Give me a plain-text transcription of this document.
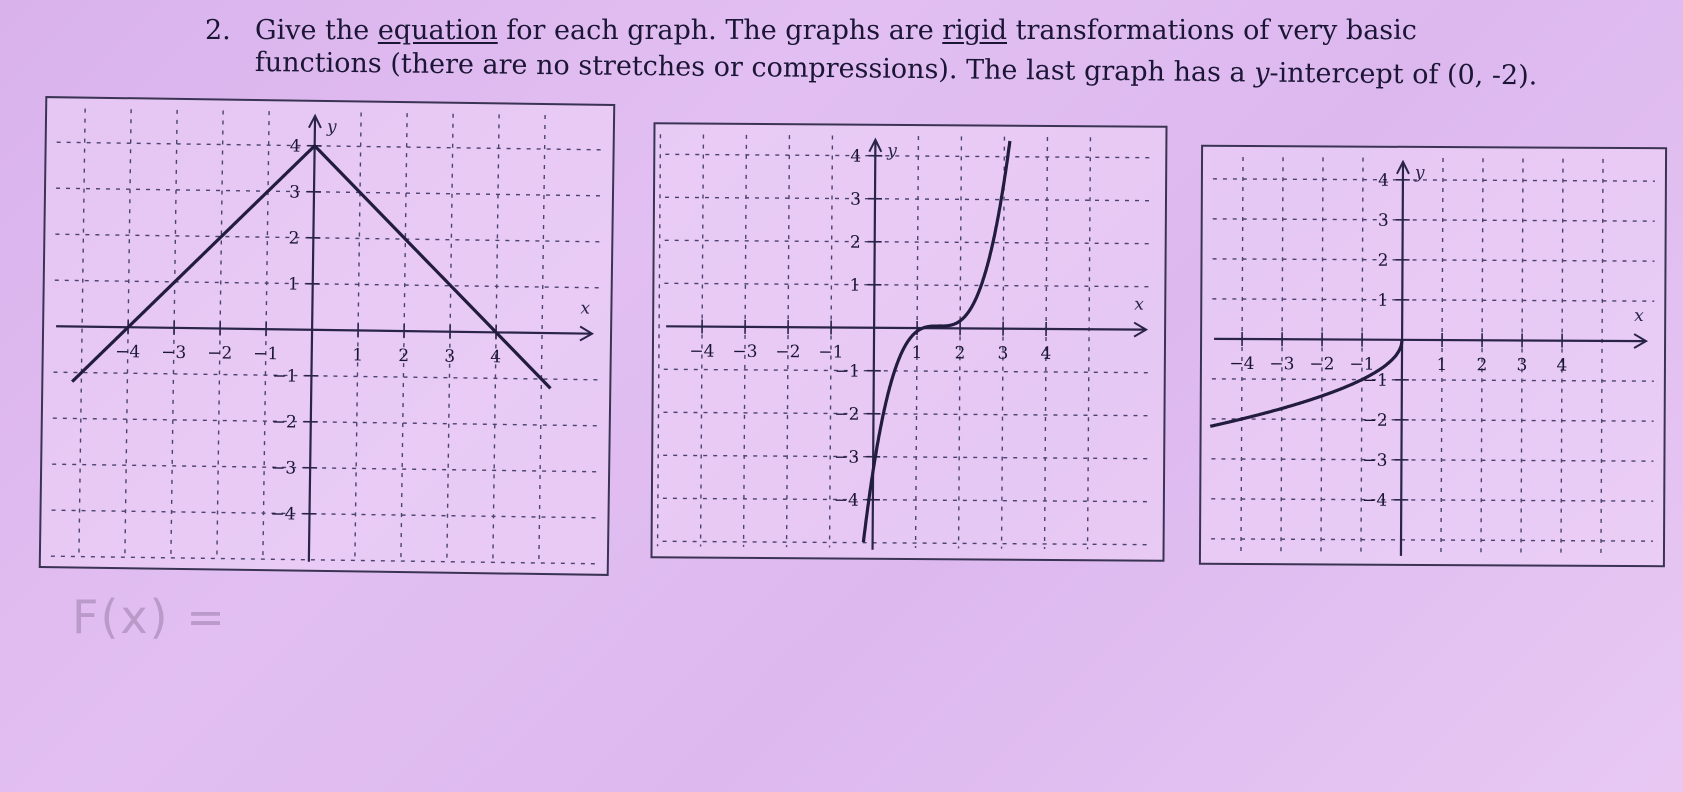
2. Give the equation for each graph. The graphs are rigid transformations of very basic
functions (there are no stretches or compressions). The last graph has a y-intercept of (0, -2).
x
y
−4 −3 −2 −1	1 2 3 4
4
3
2
1
−1
−2
−3
−4
x
y
−4 −3 −2 −1	1 2 3 4
4
3
2
1
−1
−2
−3
−4
x
y
−4 −3 −2 −1	1 2 3 4
4
3
2
1
−1
−2
−3
−4
F(x) =
